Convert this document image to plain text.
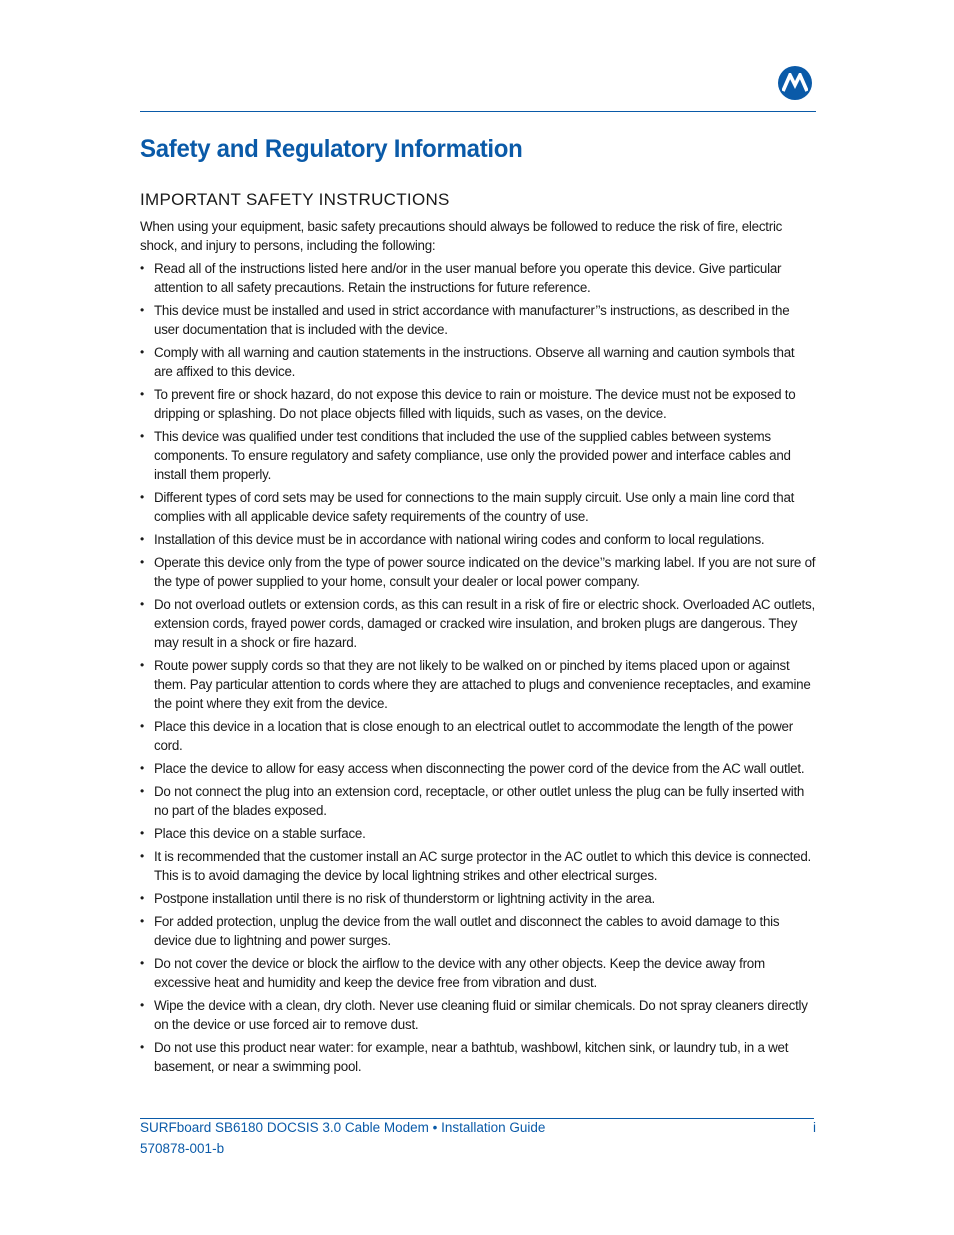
Safety and Regulatory Information
IMPORTANT SAFETY INSTRUCTIONS

When using your equipment, basic safety precautions should always be followed to reduce the risk of fire, electric shock, and injury to persons, including the following:

• Read all of the instructions listed here and/or in the user manual before you operate this device. Give particular attention to all safety precautions. Retain the instructions for future reference.
• This device must be installed and used in strict accordance with manufacturer’’s instructions, as described in the user documentation that is included with the device.
• Comply with all warning and caution statements in the instructions. Observe all warning and caution symbols that are affixed to this device.
• To prevent fire or shock hazard, do not expose this device to rain or moisture. The device must not be exposed to dripping or splashing. Do not place objects filled with liquids, such as vases, on the device.
• This device was qualified under test conditions that included the use of the supplied cables between systems components. To ensure regulatory and safety compliance, use only the provided power and interface cables and install them properly.
• Different types of cord sets may be used for connections to the main supply circuit. Use only a main line cord that complies with all applicable device safety requirements of the country of use.
• Installation of this device must be in accordance with national wiring codes and conform to local regulations.
• Operate this device only from the type of power source indicated on the device’’s marking label. If you are not sure of the type of power supplied to your home, consult your dealer or local power company.
• Do not overload outlets or extension cords, as this can result in a risk of fire or electric shock. Overloaded AC outlets, extension cords, frayed power cords, damaged or cracked wire insulation, and broken plugs are dangerous. They may result in a shock or fire hazard.
• Route power supply cords so that they are not likely to be walked on or pinched by items placed upon or against them. Pay particular attention to cords where they are attached to plugs and convenience receptacles, and examine the point where they exit from the device.
• Place this device in a location that is close enough to an electrical outlet to accommodate the length of the power cord.
• Place the device to allow for easy access when disconnecting the power cord of the device from the AC wall outlet.
• Do not connect the plug into an extension cord, receptacle, or other outlet unless the plug can be fully inserted with no part of the blades exposed.
• Place this device on a stable surface.
• It is recommended that the customer install an AC surge protector in the AC outlet to which this device is connected. This is to avoid damaging the device by local lightning strikes and other electrical surges.
• Postpone installation until there is no risk of thunderstorm or lightning activity in the area.
• For added protection, unplug the device from the wall outlet and disconnect the cables to avoid damage to this device due to lightning and power surges.
• Do not cover the device or block the airflow to the device with any other objects. Keep the device away from excessive heat and humidity and keep the device free from vibration and dust.
• Wipe the device with a clean, dry cloth. Never use cleaning fluid or similar chemicals. Do not spray cleaners directly on the device or use forced air to remove dust.
• Do not use this product near water: for example, near a bathtub, washbowl, kitchen sink, or laundry tub, in a wet basement, or near a swimming pool.
SURFboard SB6180 DOCSIS 3.0 Cable Modem • Installation Guide	i
570878-001-b
